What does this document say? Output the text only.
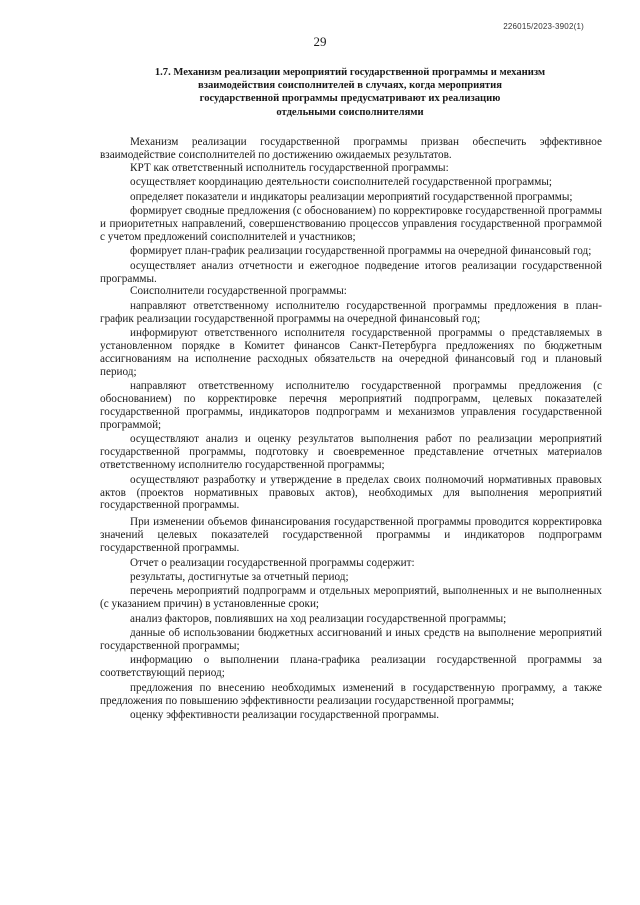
226015/2023-3902(1)
29
1.7. Механизм реализации мероприятий государственной программы и механизм
взаимодействия соисполнителей в случаях, когда мероприятия
государственной программы предусматривают их реализацию
отдельными соисполнителями

Механизм реализации государственной программы призван обеспечить эффективное взаимодействие соисполнителей по достижению ожидаемых результатов.

КРТ как ответственный исполнитель государственной программы:

осуществляет координацию деятельности соисполнителей государственной программы;

определяет показатели и индикаторы реализации мероприятий государственной программы;

формирует сводные предложения (с обоснованием) по корректировке государственной программы и приоритетных направлений, совершенствованию процессов управления государственной программой с учетом предложений соисполнителей и участников;

формирует план-график реализации государственной программы на очередной финансовый год;

осуществляет анализ отчетности и ежегодное подведение итогов реализации государственной программы.

Соисполнители государственной программы:

направляют ответственному исполнителю государственной программы предложения в план-график реализации государственной программы на очередной финансовый год;

информируют ответственного исполнителя государственной программы о представляемых в установленном порядке в Комитет финансов Санкт-Петербурга предложениях по бюджетным ассигнованиям на исполнение расходных обязательств на очередной финансовый год и плановый период;

направляют ответственному исполнителю государственной программы предложения (с обоснованием) по корректировке перечня мероприятий подпрограмм, целевых показателей государственной программы, индикаторов подпрограмм и механизмов управления государственной программой;

осуществляют анализ и оценку результатов выполнения работ по реализации мероприятий государственной программы, подготовку и своевременное представление отчетных материалов ответственному исполнителю государственной программы;

осуществляют разработку и утверждение в пределах своих полномочий нормативных правовых актов (проектов нормативных правовых актов), необходимых для выполнения мероприятий государственной программы.

При изменении объемов финансирования государственной программы проводится корректировка значений целевых показателей государственной программы и индикаторов подпрограмм государственной программы.

Отчет о реализации государственной программы содержит:

результаты, достигнутые за отчетный период;

перечень мероприятий подпрограмм и отдельных мероприятий, выполненных и не выполненных (с указанием причин) в установленные сроки;

анализ факторов, повлиявших на ход реализации государственной программы;

данные об использовании бюджетных ассигнований и иных средств на выполнение мероприятий государственной программы;

информацию о выполнении плана-графика реализации государственной программы за соответствующий период;

предложения по внесению необходимых изменений в государственную программу, а также предложения по повышению эффективности реализации государственной программы;

оценку эффективности реализации государственной программы.
